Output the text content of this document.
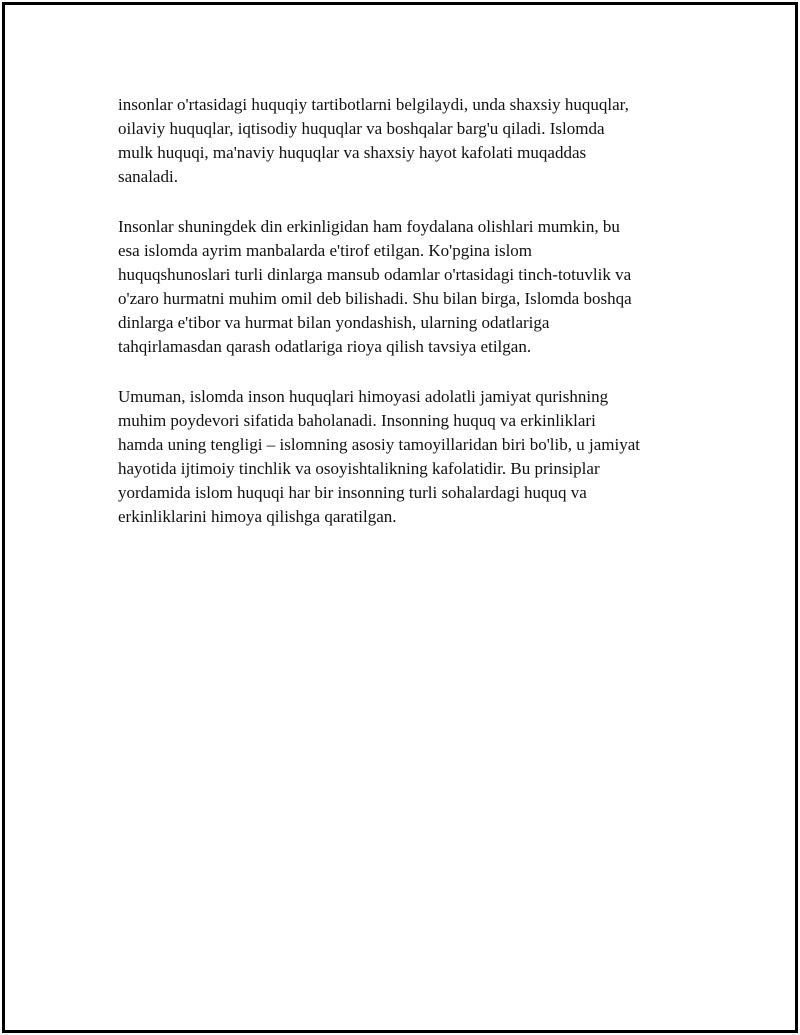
insonlar o'rtasidagi huquqiy tartibotlarni belgilaydi, unda shaxsiy huquqlar,
oilaviy huquqlar, iqtisodiy huquqlar va boshqalar barg'u qiladi. Islomda
mulk huquqi, ma'naviy huquqlar va shaxsiy hayot kafolati muqaddas
sanaladi.

Insonlar shuningdek din erkinligidan ham foydalana olishlari mumkin, bu
esa islomda ayrim manbalarda e'tirof etilgan. Ko'pgina islom
huquqshunoslari turli dinlarga mansub odamlar o'rtasidagi tinch-totuvlik va
o'zaro hurmatni muhim omil deb bilishadi. Shu bilan birga, Islomda boshqa
dinlarga e'tibor va hurmat bilan yondashish, ularning odatlariga
tahqirlamasdan qarash odatlariga rioya qilish tavsiya etilgan.

Umuman, islomda inson huquqlari himoyasi adolatli jamiyat qurishning
muhim poydevori sifatida baholanadi. Insonning huquq va erkinliklari
hamda uning tengligi – islomning asosiy tamoyillaridan biri bo'lib, u jamiyat
hayotida ijtimoiy tinchlik va osoyishtalikning kafolatidir. Bu prinsiplar
yordamida islom huquqi har bir insonning turli sohalardagi huquq va
erkinliklarini himoya qilishga qaratilgan.
